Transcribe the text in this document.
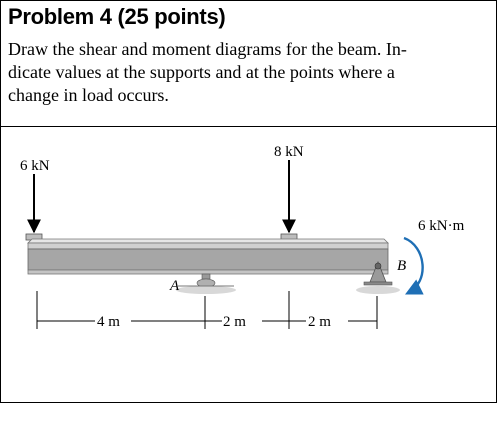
Problem 4 (25 points)
Draw the shear and moment diagrams for the beam. In-
dicate values at the supports and at the points where a
change in load occurs.
6 kN
8 kN
A
B
6 kN·m
4 m	2 m	2 m
